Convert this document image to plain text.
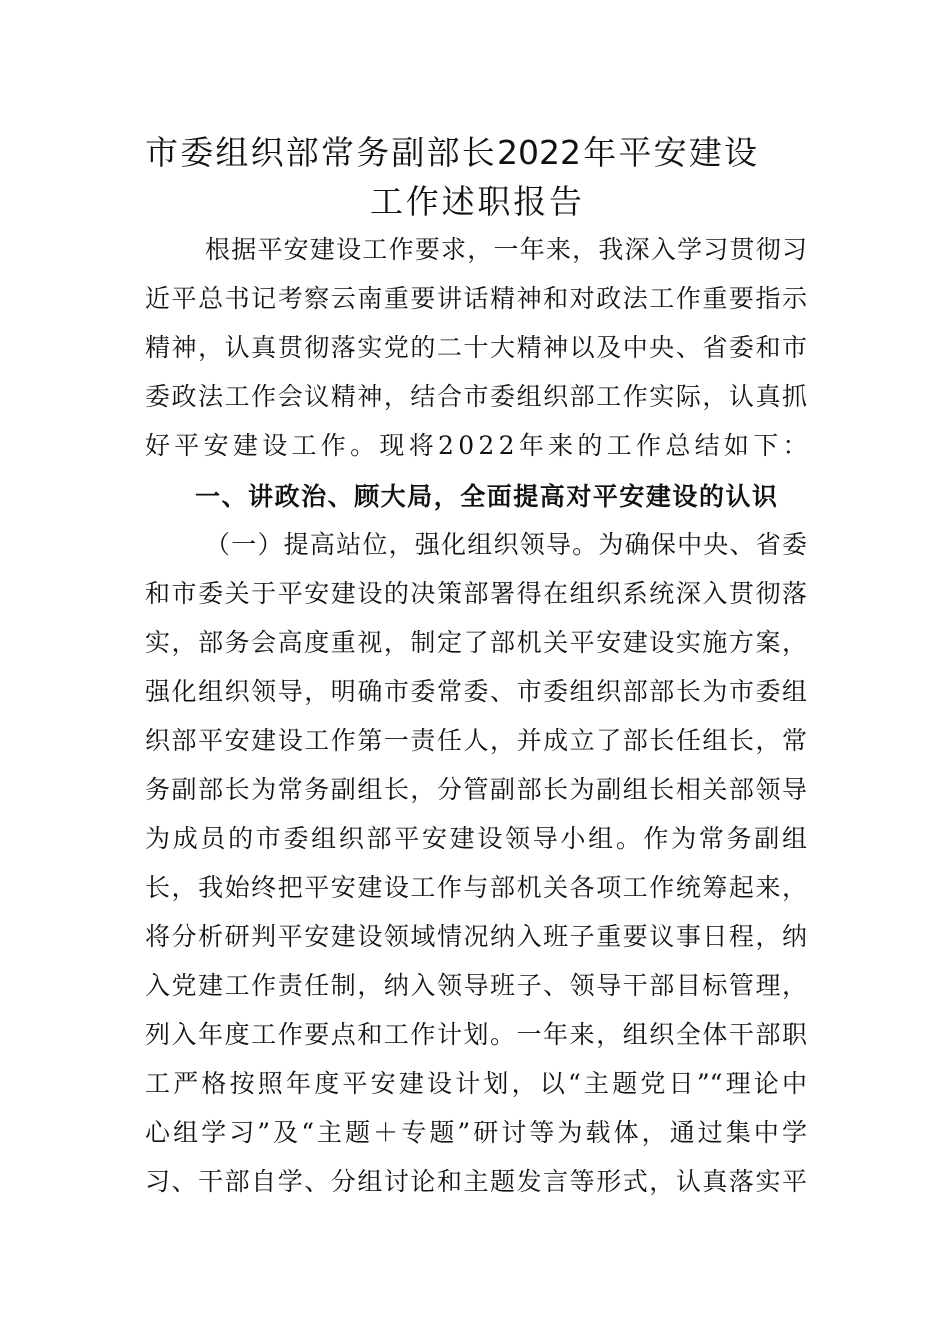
市委组织部常务副部长2022年平安建设
工作述职报告
根据平安建设工作要求，一年来，我深入学习贯彻习
近平总书记考察云南重要讲话精神和对政法工作重要指示
精神，认真贯彻落实党的二十大精神以及中央、省委和市
委政法工作会议精神，结合市委组织部工作实际，认真抓
好平安建设工作。现将2022年来的工作总结如下：
一、讲政治、顾大局，全面提高对平安建设的认识
（一）提高站位，强化组织领导。为确保中央、省委
和市委关于平安建设的决策部署得在组织系统深入贯彻落
实，部务会高度重视，制定了部机关平安建设实施方案，
强化组织领导，明确市委常委、市委组织部部长为市委组
织部平安建设工作第一责任人，并成立了部长任组长，常
务副部长为常务副组长，分管副部长为副组长相关部领导
为成员的市委组织部平安建设领导小组。作为常务副组
长，我始终把平安建设工作与部机关各项工作统筹起来，
将分析研判平安建设领域情况纳入班子重要议事日程，纳
入党建工作责任制，纳入领导班子、领导干部目标管理，
列入年度工作要点和工作计划。一年来，组织全体干部职
工严格按照年度平安建设计划，以“主题党日”“理论中
心组学习”及“主题＋专题”研讨等为载体，通过集中学
习、干部自学、分组讨论和主题发言等形式，认真落实平
